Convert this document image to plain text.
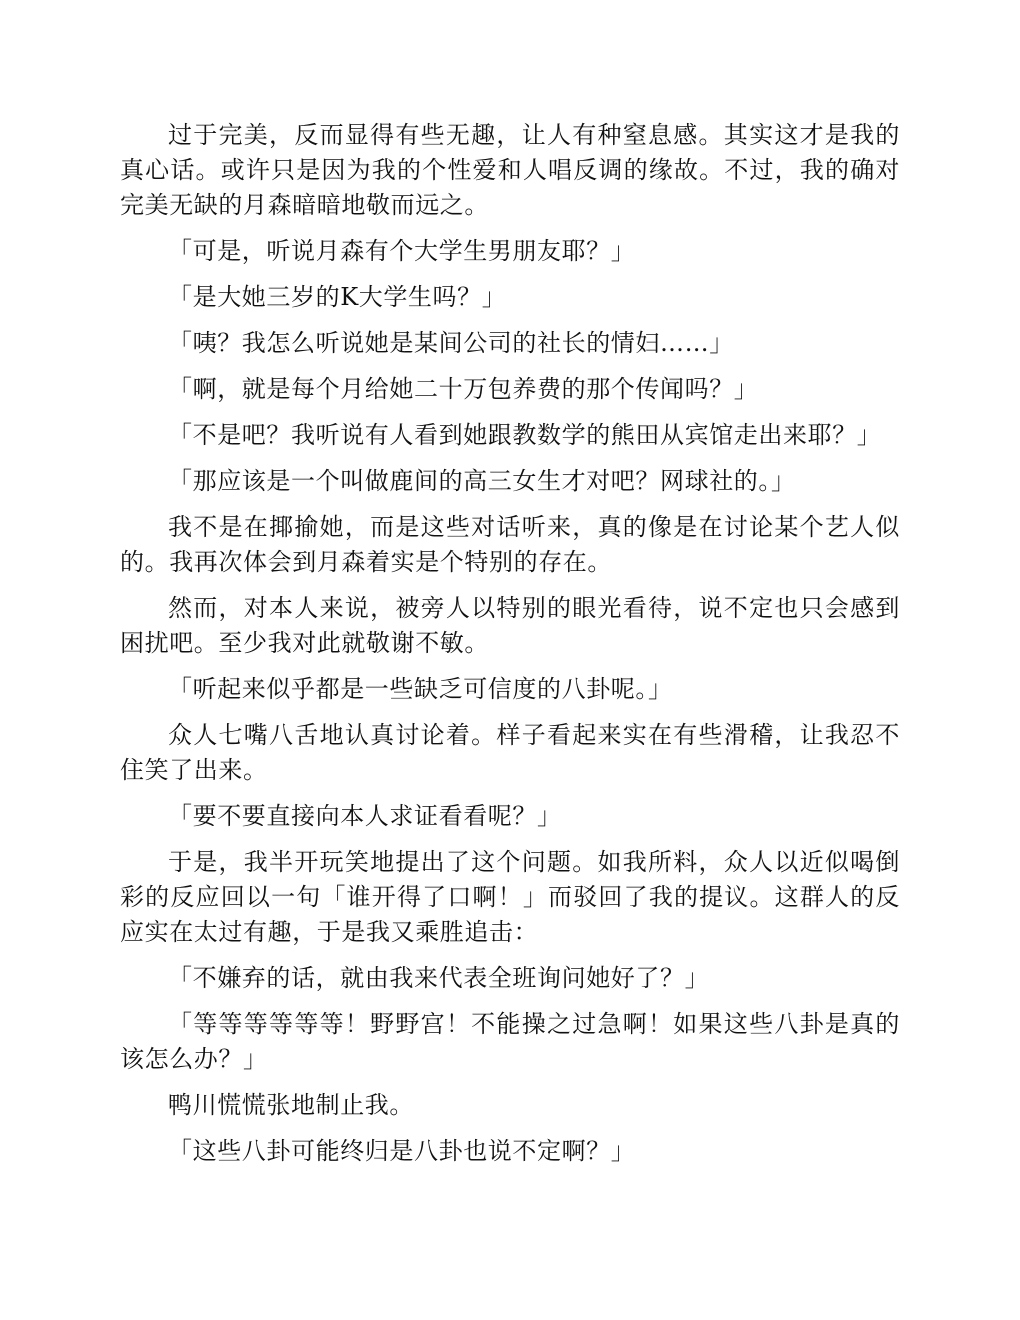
过于完美，反而显得有些无趣，让人有种窒息感。其实这才是我的真心话。或许只是因为我的个性爱和人唱反调的缘故。不过，我的确对完美无缺的月森暗暗地敬而远之。

「可是，听说月森有个大学生男朋友耶？」

「是大她三岁的K大学生吗？」

「咦？我怎么听说她是某间公司的社长的情妇……」

「啊，就是每个月给她二十万包养费的那个传闻吗？」

「不是吧？我听说有人看到她跟教数学的熊田从宾馆走出来耶？」

「那应该是一个叫做鹿间的高三女生才对吧？网球社的。」

我不是在揶揄她，而是这些对话听来，真的像是在讨论某个艺人似的。我再次体会到月森着实是个特别的存在。

然而，对本人来说，被旁人以特别的眼光看待，说不定也只会感到困扰吧。至少我对此就敬谢不敏。

「听起来似乎都是一些缺乏可信度的八卦呢。」

众人七嘴八舌地认真讨论着。样子看起来实在有些滑稽，让我忍不住笑了出来。

「要不要直接向本人求证看看呢？」

于是，我半开玩笑地提出了这个问题。如我所料，众人以近似喝倒彩的反应回以一句「谁开得了口啊！」而驳回了我的提议。这群人的反应实在太过有趣，于是我又乘胜追击：

「不嫌弃的话，就由我来代表全班询问她好了？」

「等等等等等等！野野宫！不能操之过急啊！如果这些八卦是真的该怎么办？」

鸭川慌慌张地制止我。

「这些八卦可能终归是八卦也说不定啊？」
